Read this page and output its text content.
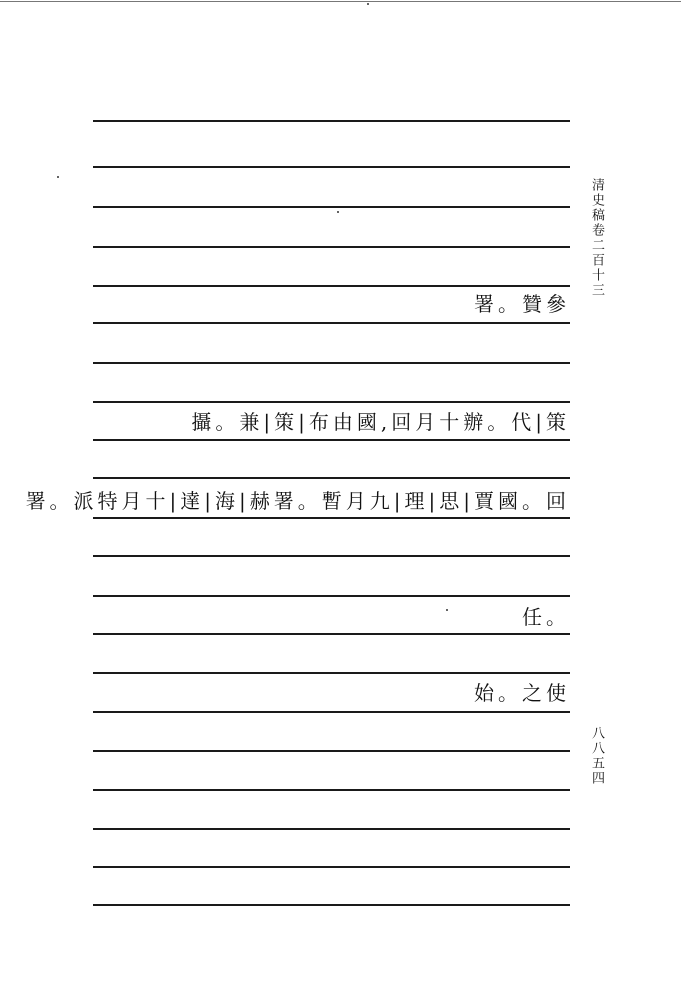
清史稿卷二百十三
八八五四
署。贊參
攝。兼|策|布由國,回月十辦。代|策
署。派特月十|達|海|赫署。暫月九|理|思|賈國。回
任。
始。之使
